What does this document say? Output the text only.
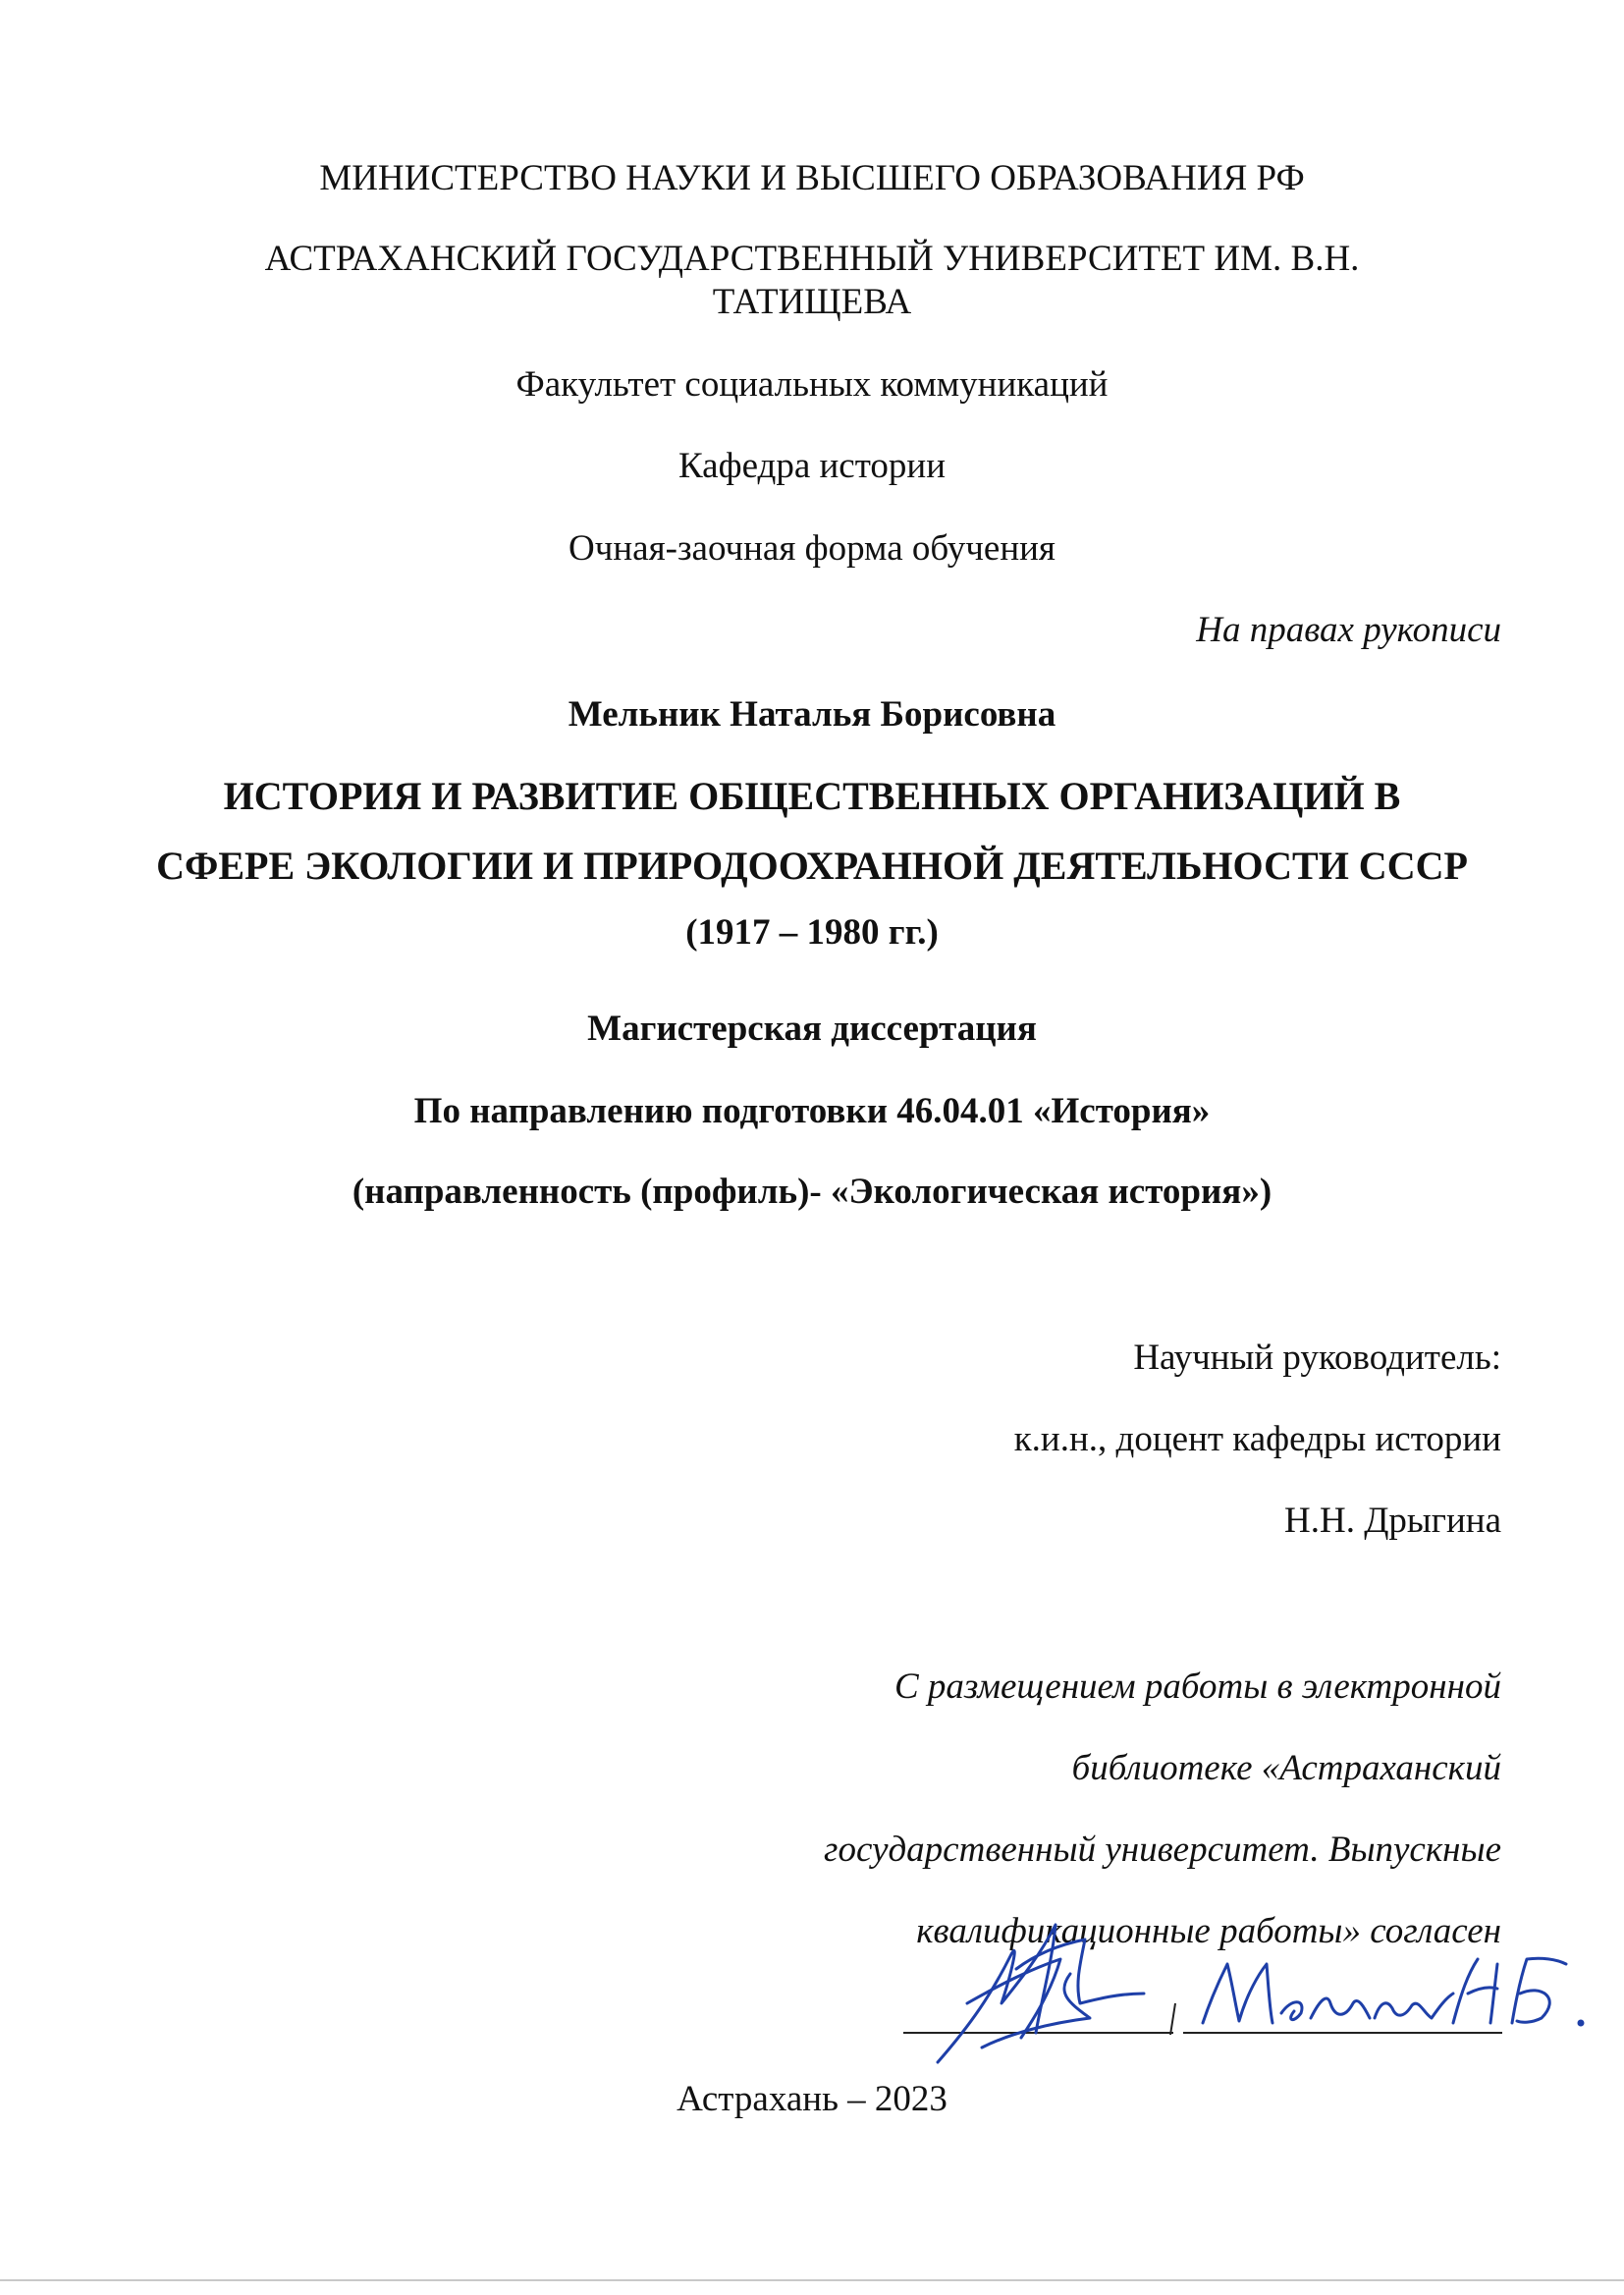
МИНИСТЕРСТВО НАУКИ И ВЫСШЕГО ОБРАЗОВАНИЯ РФ
АСТРАХАНСКИЙ ГОСУДАРСТВЕННЫЙ УНИВЕРСИТЕТ ИМ. В.Н.
ТАТИЩЕВА
Факультет социальных коммуникаций
Кафедра истории
Очная-заочная форма обучения
На правах рукописи
Мельник Наталья Борисовна
ИСТОРИЯ И РАЗВИТИЕ ОБЩЕСТВЕННЫХ ОРГАНИЗАЦИЙ В
СФЕРЕ ЭКОЛОГИИ И ПРИРОДООХРАННОЙ ДЕЯТЕЛЬНОСТИ СССР
(1917 – 1980 гг.)
Магистерская диссертация
По направлению подготовки 46.04.01 «История»
(направленность (профиль)- «Экологическая история»)
Научный руководитель:
к.и.н., доцент кафедры истории
Н.Н. Дрыгина
С размещением работы в электронной
библиотеке «Астраханский
государственный университет. Выпускные
квалификационные работы» согласен
Астрахань – 2023
